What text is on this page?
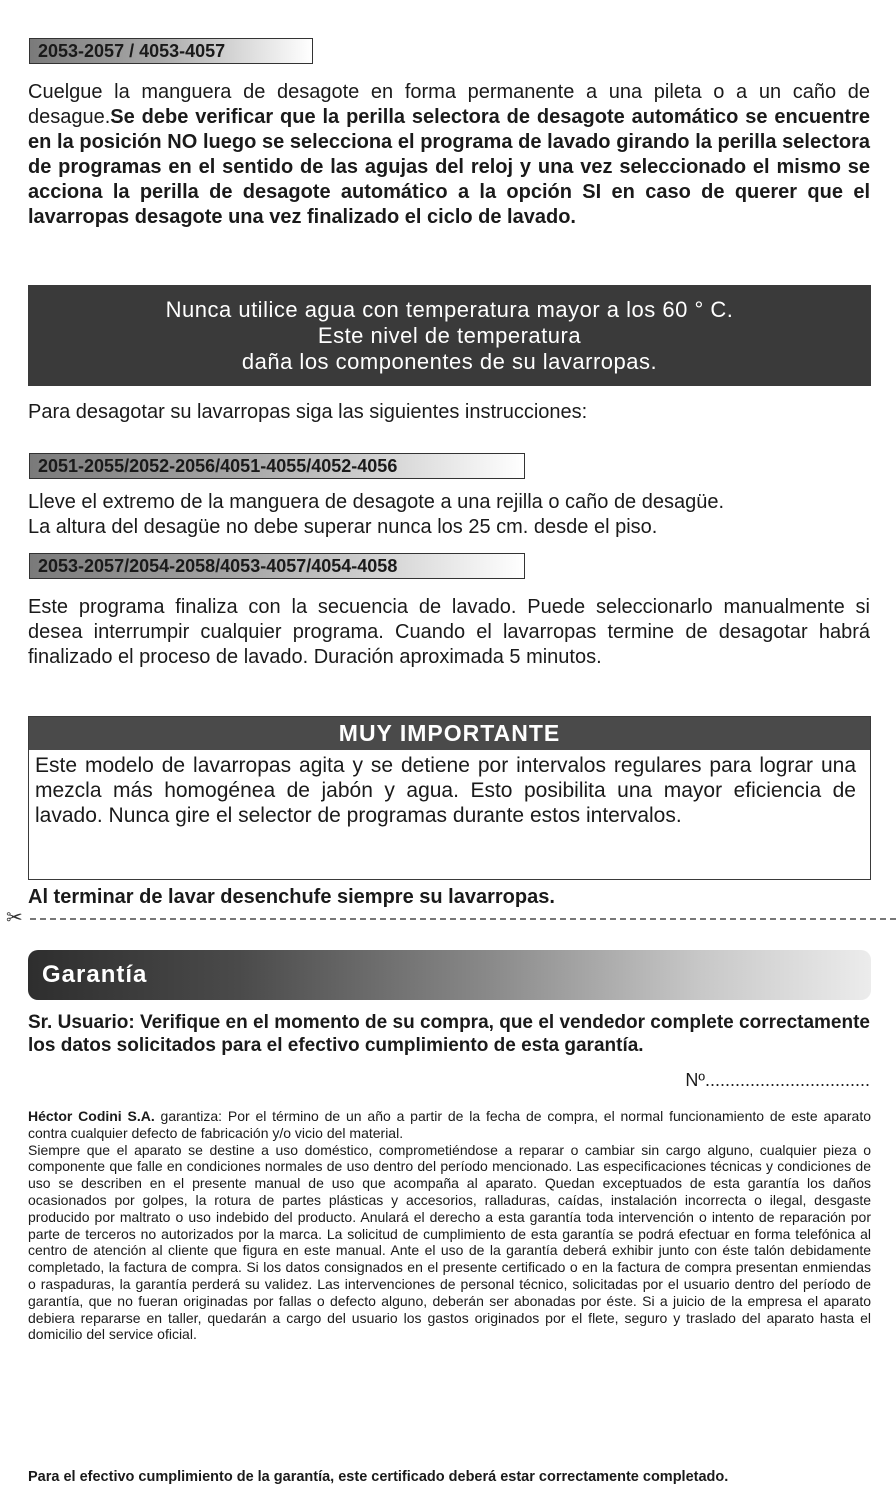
2053-2057 / 4053-4057

Cuelgue la manguera de desagote en forma permanente a una pileta o a un caño de desague.Se debe verificar que la perilla selectora de desagote automático se encuentre en la posición NO luego se selecciona el programa de lavado girando la perilla selectora de programas en el sentido de las agujas del reloj y una vez seleccionado el mismo se acciona la perilla de desagote automático a la opción SI en caso de querer que el lavarropas desagote una vez finalizado el ciclo de lavado.

Nunca utilice agua con temperatura mayor a los 60 ° C.
Este nivel de temperatura
daña los componentes de su lavarropas.

Para desagotar su lavarropas siga las siguientes instrucciones:

2051-2055/2052-2056/4051-4055/4052-4056

Lleve el extremo de la manguera de desagote a una rejilla o caño de desagüe.
La altura del desagüe no debe superar nunca los 25 cm. desde el piso.

2053-2057/2054-2058/4053-4057/4054-4058

Este programa finaliza con la secuencia de lavado. Puede seleccionarlo manualmente si desea interrumpir cualquier programa. Cuando el lavarropas termine de desagotar habrá finalizado el proceso de lavado. Duración aproximada 5 minutos.

MUY IMPORTANTE
Este modelo de lavarropas agita y se detiene por intervalos regulares para lograr una mezcla más homogénea de jabón y agua. Esto posibilita una mayor eficiencia de lavado. Nunca gire el selector de programas durante estos intervalos.
Al terminar de lavar desenchufe siempre su lavarropas.
✂
Garantía

Sr. Usuario: Verifique en el momento de su compra, que el vendedor complete correctamente los datos solicitados para el efectivo cumplimiento de esta garantía.

Nº.................................

Héctor Codini S.A. garantiza: Por el término de un año a partir de la fecha de compra, el normal funcionamiento de este aparato contra cualquier defecto de fabricación y/o vicio del material.
Siempre que el aparato se destine a uso doméstico, comprometiéndose a reparar o cambiar sin cargo alguno, cualquier pieza o componente que falle en condiciones normales de uso dentro del período mencionado. Las especificaciones técnicas y condiciones de uso se describen en el presente manual de uso que acompaña al aparato. Quedan exceptuados de esta garantía los daños ocasionados por golpes, la rotura de partes plásticas y accesorios, ralladuras, caídas, instalación incorrecta o ilegal, desgaste producido por maltrato o uso indebido del producto. Anulará el derecho a esta garantía toda intervención o intento de reparación por parte de terceros no autorizados por la marca. La solicitud de cumplimiento de esta garantía se podrá efectuar en forma telefónica al centro de atención al cliente que figura en este manual. Ante el uso de la garantía deberá exhibir junto con éste talón debidamente completado, la factura de compra. Si los datos consignados en el presente certificado o en la factura de compra presentan enmiendas o raspaduras, la garantía perderá su validez. Las intervenciones de personal técnico, solicitadas por el usuario dentro del período de garantía, que no fueran originadas por fallas o defecto alguno, deberán ser abonadas por éste. Si a juicio de la empresa el aparato debiera repararse en taller, quedarán a cargo del usuario los gastos originados por el flete, seguro y traslado del aparato hasta el domicilio del service oficial.

Para el efectivo cumplimiento de la garantía, este certificado deberá estar correctamente completado.
